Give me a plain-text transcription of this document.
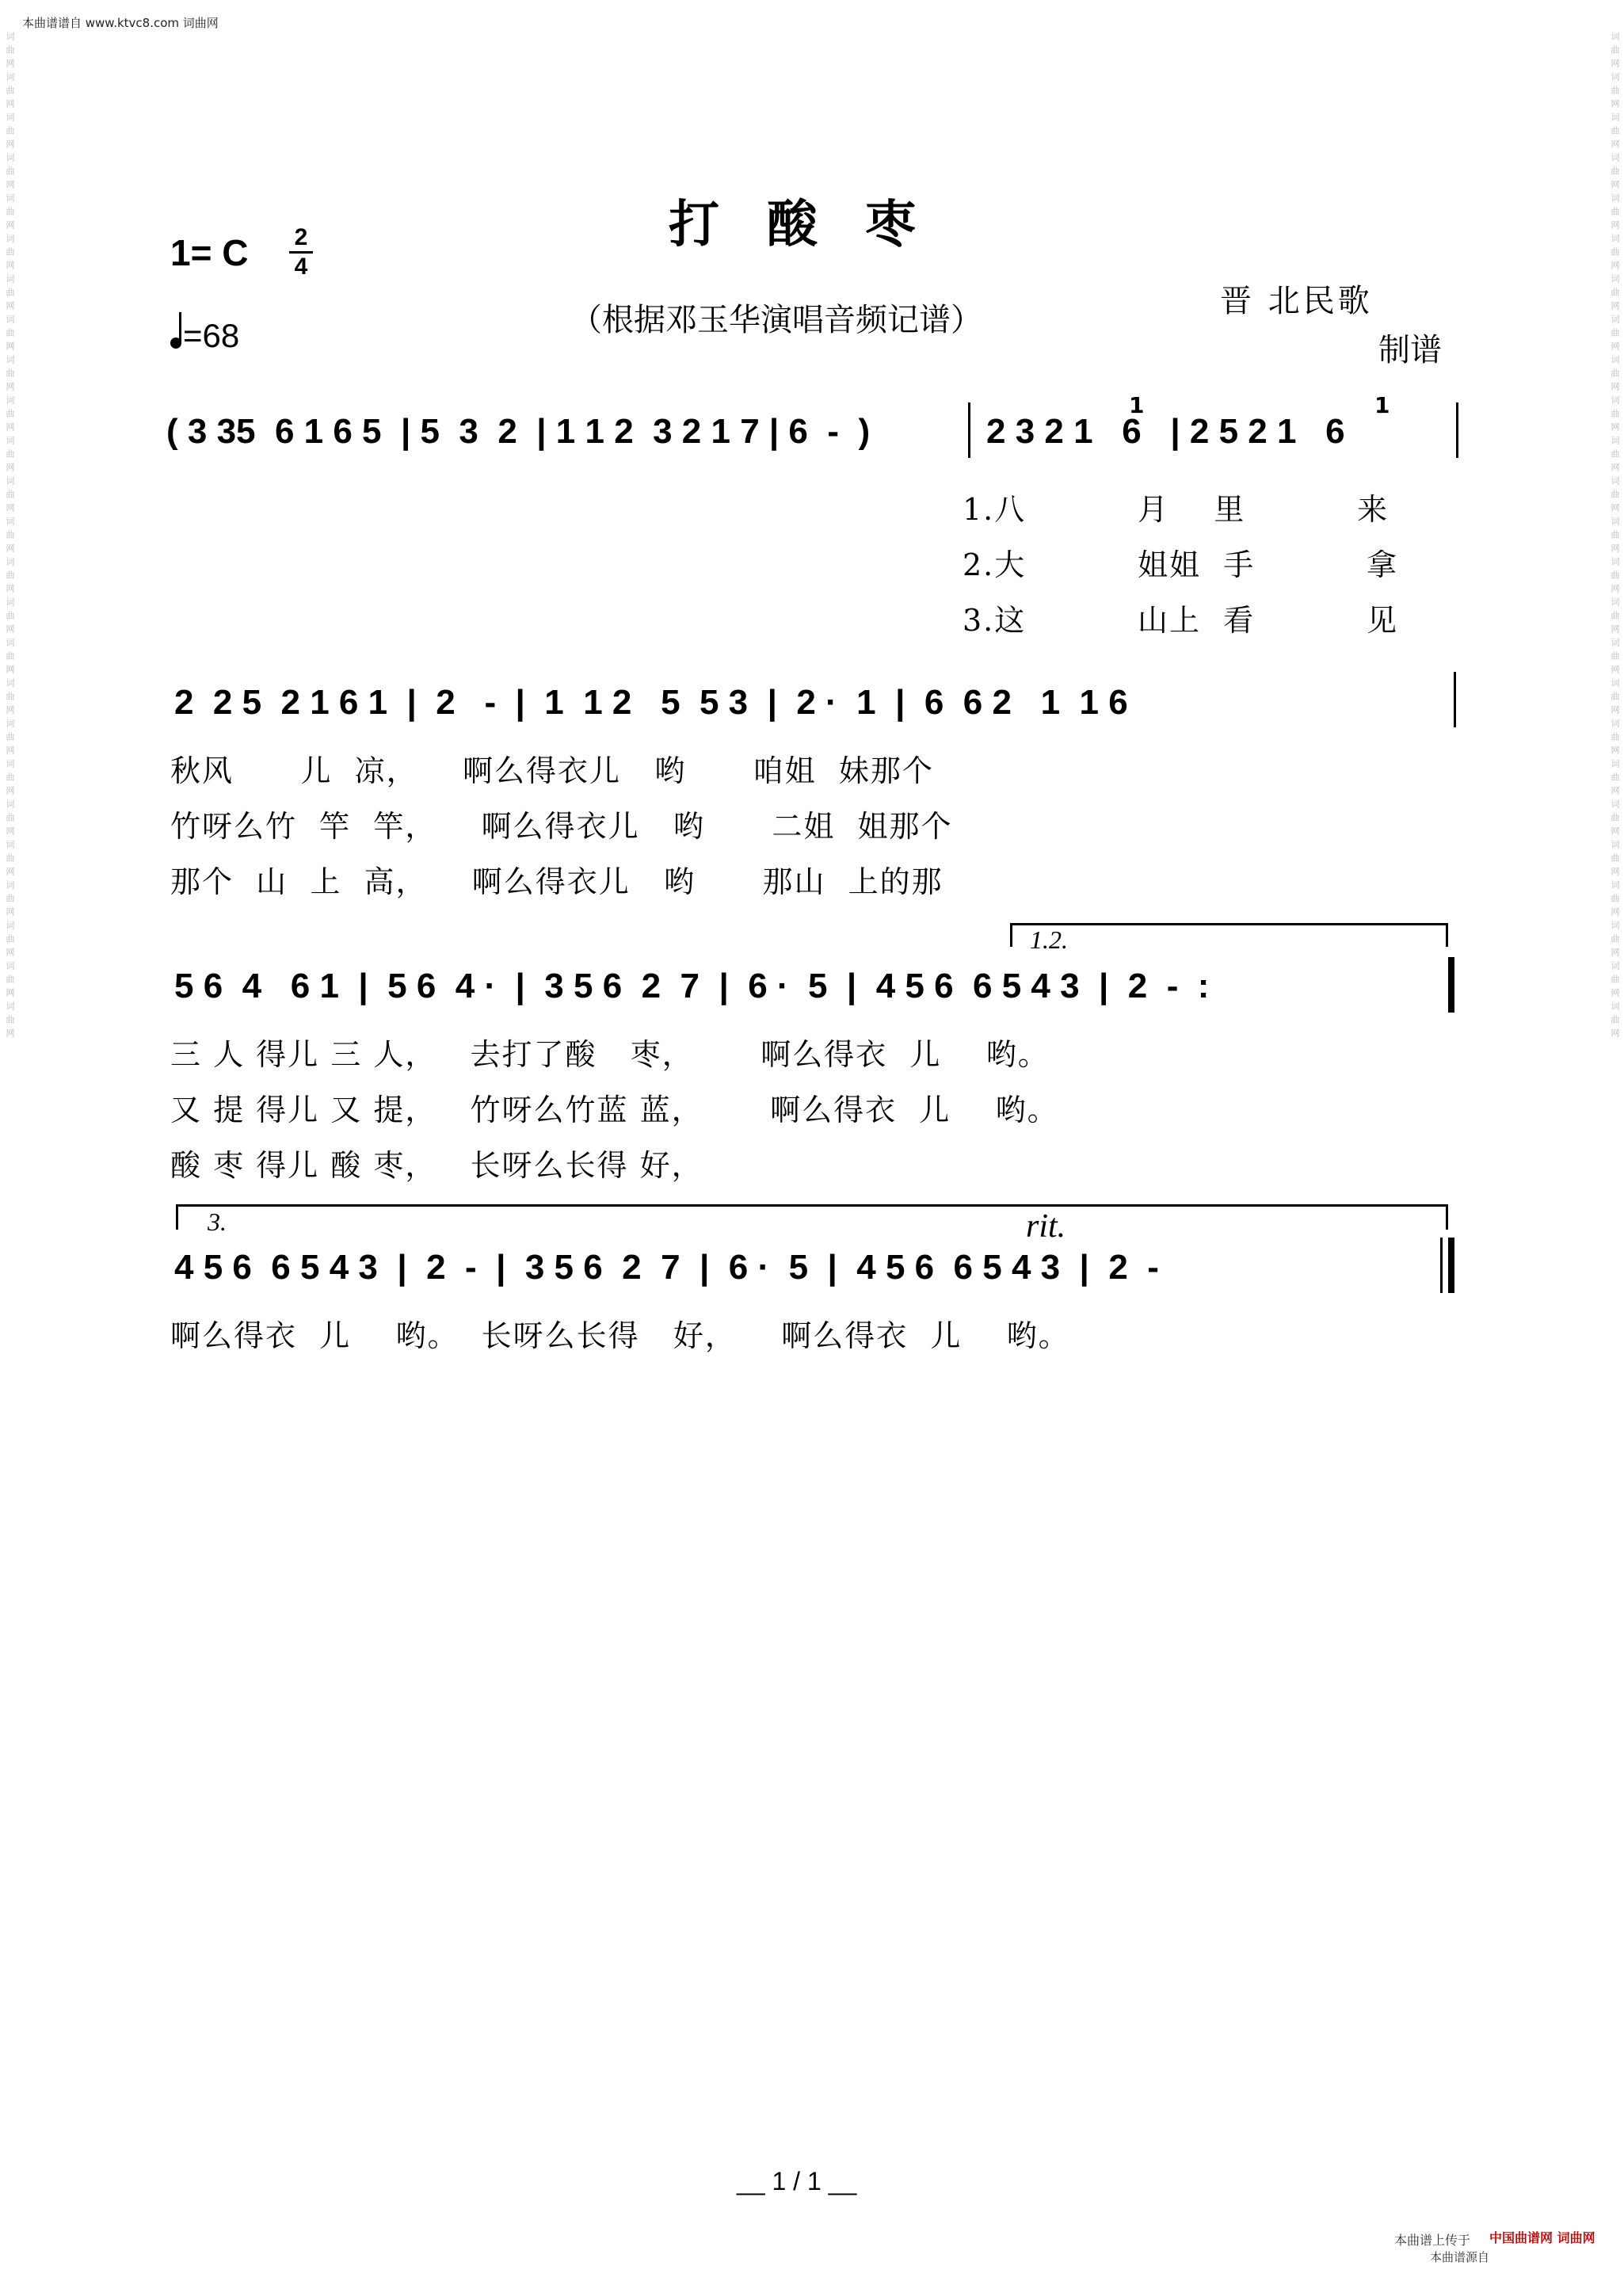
本曲谱谱自 www.ktvc8.com 词曲网
词曲网词曲网词曲网词曲网词曲网词曲网词曲网词曲网词曲网词曲网词曲网词曲网词曲网词曲网词曲网词曲网词曲网词曲网词曲网词曲网词曲网词曲网词曲网词曲网词曲网	词曲网词曲网词曲网词曲网词曲网词曲网词曲网词曲网词曲网词曲网词曲网词曲网词曲网词曲网词曲网词曲网词曲网词曲网词曲网词曲网词曲网词曲网词曲网词曲网词曲网
打酸枣
1= C	2
4
=68	（根据邓玉华演唱音频记谱）
晋 北民歌
制谱
( 3 35  6 1 6 5  | 5  3  2  | 1 1 2  3 2 1 7 | 6  -  )	2 3 2 1   6   | 2 5 2 1   6
1	1
1.八          月    里          来
2.大          姐姐  手          拿
3.这          山上  看          见
2  2 5  2 1 6 1  |  2   -  |  1  1 2   5  5 3  |  2 ·  1  |  6  6 2   1  1 6
秋风      儿  凉，    啊么得衣儿   哟      咱姐  妹那个
竹呀么竹  竿  竿，    啊么得衣儿   哟      二姐  姐那个
那个  山  上  高，    啊么得衣儿   哟      那山  上的那
1.2.
5 6  4   6 1  |  5 6  4 ·  |  3 5 6  2  7  |  6 ·  5  |  4 5 6  6 5 4 3  |  2  -  :
三 人 得儿 三 人，   去打了酸   枣，      啊么得衣  儿    哟。
又 提 得儿 又 提，   竹呀么竹蓝 蓝，      啊么得衣  儿    哟。
酸 枣 得儿 酸 枣，   长呀么长得 好，
3.	rit.
4 5 6  6 5 4 3  |  2  -  |  3 5 6  2  7  |  6 ·  5  |  4 5 6  6 5 4 3  |  2  -
啊么得衣  儿    哟。  长呀么长得   好，    啊么得衣  儿    哟。
__ 1 / 1 __
本曲谱上传于
本曲谱源自
中国曲谱网 词曲网
